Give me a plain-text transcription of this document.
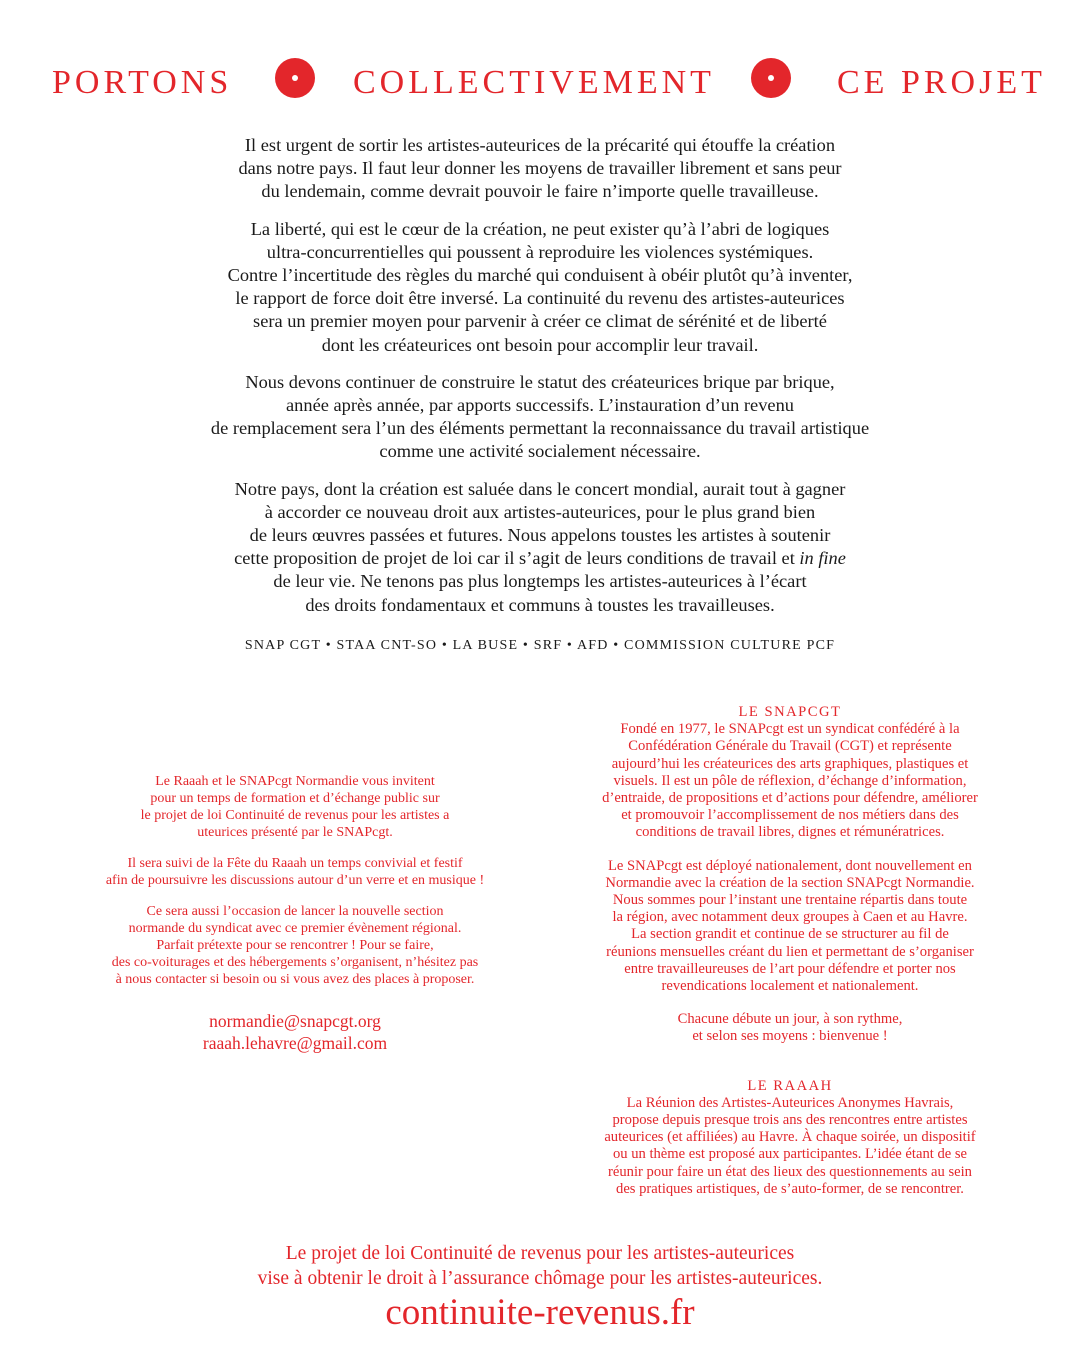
PORTONS	COLLECTIVEMENT	CE PROJET

Il est urgent de sortir les artistes-auteurices de la précarité qui étouffe la création
dans notre pays. Il faut leur donner les moyens de travailler librement et sans peur
du lendemain, comme devrait pouvoir le faire n’importe quelle travailleuse.

La liberté, qui est le cœur de la création, ne peut exister qu’à l’abri de logiques
ultra-concurrentielles qui poussent à reproduire les violences systémiques.
Contre l’incertitude des règles du marché qui conduisent à obéir plutôt qu’à inventer,
le rapport de force doit être inversé. La continuité du revenu des artistes-auteurices
sera un premier moyen pour parvenir à créer ce climat de sérénité et de liberté
dont les créateurices ont besoin pour accomplir leur travail.

Nous devons continuer de construire le statut des créateurices brique par brique,
année après année, par apports successifs. L’instauration d’un revenu
de remplacement sera l’un des éléments permettant la reconnaissance du travail artistique
comme une activité socialement nécessaire.

Notre pays, dont la création est saluée dans le concert mondial, aurait tout à gagner
à accorder ce nouveau droit aux artistes-auteurices, pour le plus grand bien
de leurs œuvres passées et futures. Nous appelons toustes les artistes à soutenir
cette proposition de projet de loi car il s’agit de leurs conditions de travail et in fine
de leur vie. Ne tenons pas plus longtemps les artistes-auteurices à l’écart
des droits fondamentaux et communs à toustes les travailleuses.

SNAP CGT • STAA CNT-SO • LA BUSE • SRF • AFD • COMMISSION CULTURE PCF

Le Raaah et le SNAPcgt Normandie vous invitent
pour un temps de formation et d’échange public sur
le projet de loi Continuité de revenus pour les artistes a
uteurices présenté par le SNAPcgt.

Il sera suivi de la Fête du Raaah un temps convivial et festif
afin de poursuivre les discussions autour d’un verre et en musique !

Ce sera aussi l’occasion de lancer la nouvelle section
normande du syndicat avec ce premier évènement régional.
Parfait prétexte pour se rencontrer ! Pour se faire,
des co-voiturages et des hébergements s’organisent, n’hésitez pas
à nous contacter si besoin ou si vous avez des places à proposer.

normandie@snapcgt.org
raaah.lehavre@gmail.com
LE SNAPCGT

Fondé en 1977, le SNAPcgt est un syndicat confédéré à la
Confédération Générale du Travail (CGT) et représente
aujourd’hui les créateurices des arts graphiques, plastiques et
visuels. Il est un pôle de réflexion, d’échange d’information,
d’entraide, de propositions et d’actions pour défendre, améliorer
et promouvoir l’accomplissement de nos métiers dans des
conditions de travail libres, dignes et rémunératrices.

Le SNAPcgt est déployé nationalement, dont nouvellement en
Normandie avec la création de la section SNAPcgt Normandie.
Nous sommes pour l’instant une trentaine répartis dans toute
la région, avec notamment deux groupes à Caen et au Havre.
La section grandit et continue de se structurer au fil de
réunions mensuelles créant du lien et permettant de s’organiser
entre travailleureuses de l’art pour défendre et porter nos
revendications localement et nationalement.

Chacune débute un jour, à son rythme,
et selon ses moyens : bienvenue !

LE RAAAH

La Réunion des Artistes-Auteurices Anonymes Havrais,
propose depuis presque trois ans des rencontres entre artistes
auteurices (et affiliées) au Havre. À chaque soirée, un dispositif
ou un thème est proposé aux participantes. L’idée étant de se
réunir pour faire un état des lieux des questionnements au sein
des pratiques artistiques, de s’auto-former, de se rencontrer.

Le projet de loi Continuité de revenus pour les artistes-auteurices
vise à obtenir le droit à l’assurance chômage pour les artistes-auteurices.
continuite-revenus.fr
